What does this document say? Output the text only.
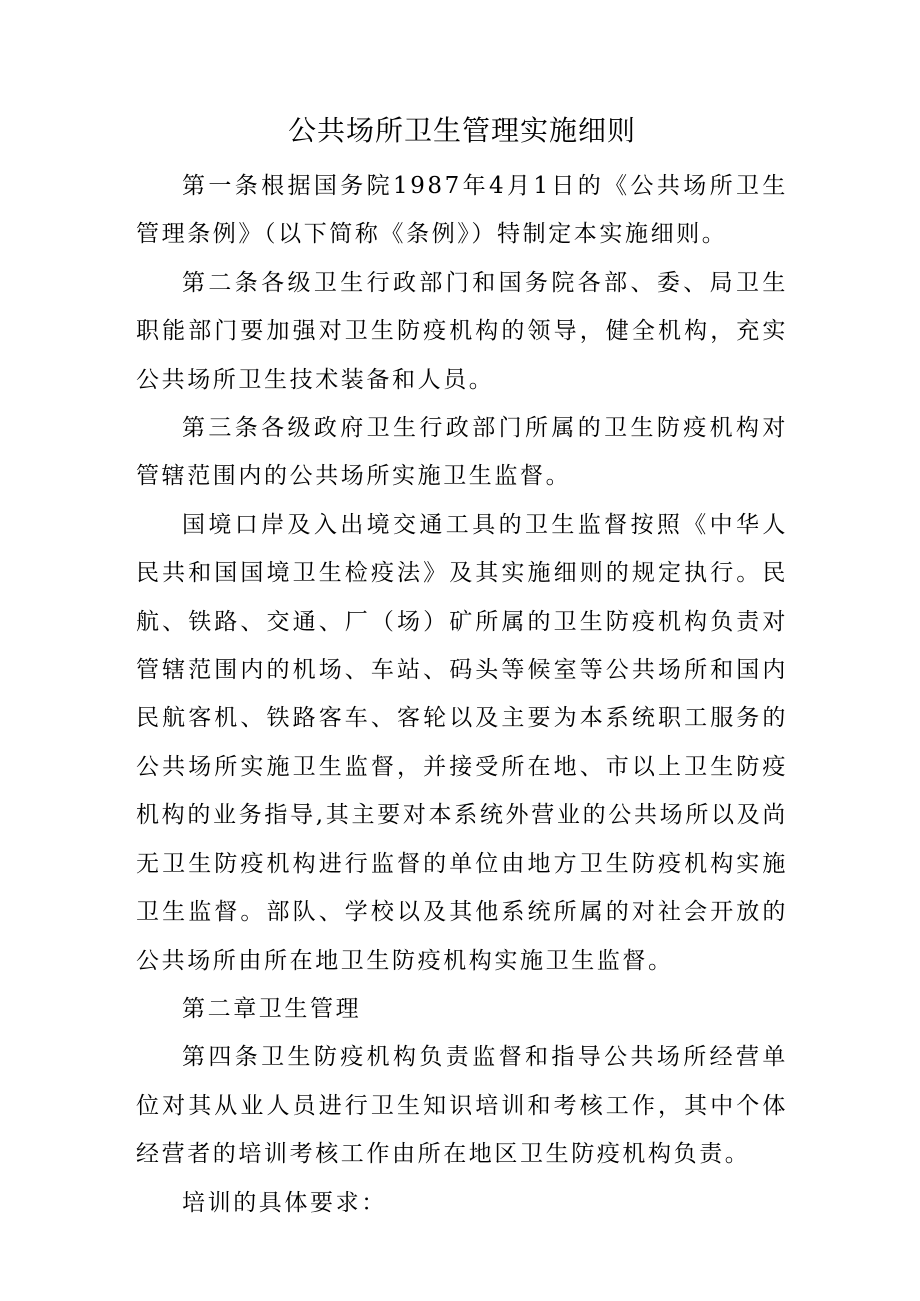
公共场所卫生管理实施细则

第一条根据国务院1987年4月1日的《公共场所卫生管理条例》（以下简称《条例》）特制定本实施细则。

第二条各级卫生行政部门和国务院各部、委、局卫生职能部门要加强对卫生防疫机构的领导，健全机构，充实公共场所卫生技术装备和人员。

第三条各级政府卫生行政部门所属的卫生防疫机构对管辖范围内的公共场所实施卫生监督。

国境口岸及入出境交通工具的卫生监督按照《中华人民共和国国境卫生检疫法》及其实施细则的规定执行。民航、铁路、交通、厂（场）矿所属的卫生防疫机构负责对管辖范围内的机场、车站、码头等候室等公共场所和国内民航客机、铁路客车、客轮以及主要为本系统职工服务的公共场所实施卫生监督，并接受所在地、市以上卫生防疫机构的业务指导,其主要对本系统外营业的公共场所以及尚无卫生防疫机构进行监督的单位由地方卫生防疫机构实施卫生监督。部队、学校以及其他系统所属的对社会开放的公共场所由所在地卫生防疫机构实施卫生监督。

第二章卫生管理

第四条卫生防疫机构负责监督和指导公共场所经营单位对其从业人员进行卫生知识培训和考核工作，其中个体经营者的培训考核工作由所在地区卫生防疫机构负责。

培训的具体要求：
